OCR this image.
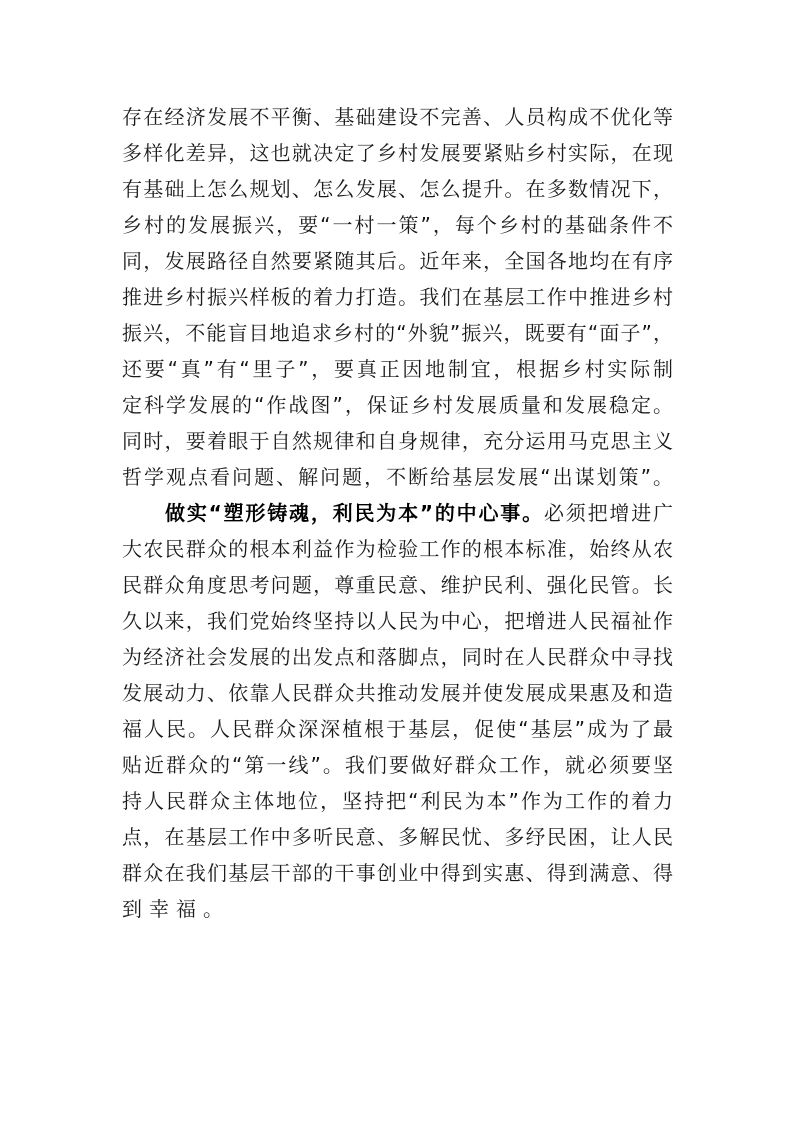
存在经济发展不平衡、基础建设不完善、人员构成不优化等
多样化差异，这也就决定了乡村发展要紧贴乡村实际，在现
有基础上怎么规划、怎么发展、怎么提升。在多数情况下，
乡村的发展振兴，要“一村一策”，每个乡村的基础条件不
同，发展路径自然要紧随其后。近年来，全国各地均在有序
推进乡村振兴样板的着力打造。我们在基层工作中推进乡村
振兴，不能盲目地追求乡村的“外貌”振兴，既要有“面子”，
还要“真”有“里子”，要真正因地制宜，根据乡村实际制
定科学发展的“作战图”，保证乡村发展质量和发展稳定。
同时，要着眼于自然规律和自身规律，充分运用马克思主义
哲学观点看问题、解问题，不断给基层发展“出谋划策”。
做实“塑形铸魂，利民为本”的中心事。必须把增进广
大农民群众的根本利益作为检验工作的根本标准，始终从农
民群众角度思考问题，尊重民意、维护民利、强化民管。长
久以来，我们党始终坚持以人民为中心，把增进人民福祉作
为经济社会发展的出发点和落脚点，同时在人民群众中寻找
发展动力、依靠人民群众共推动发展并使发展成果惠及和造
福人民。人民群众深深植根于基层，促使“基层”成为了最
贴近群众的“第一线”。我们要做好群众工作，就必须要坚
持人民群众主体地位，坚持把“利民为本”作为工作的着力
点，在基层工作中多听民意、多解民忧、多纾民困，让人民
群众在我们基层干部的干事创业中得到实惠、得到满意、得
到幸福。
